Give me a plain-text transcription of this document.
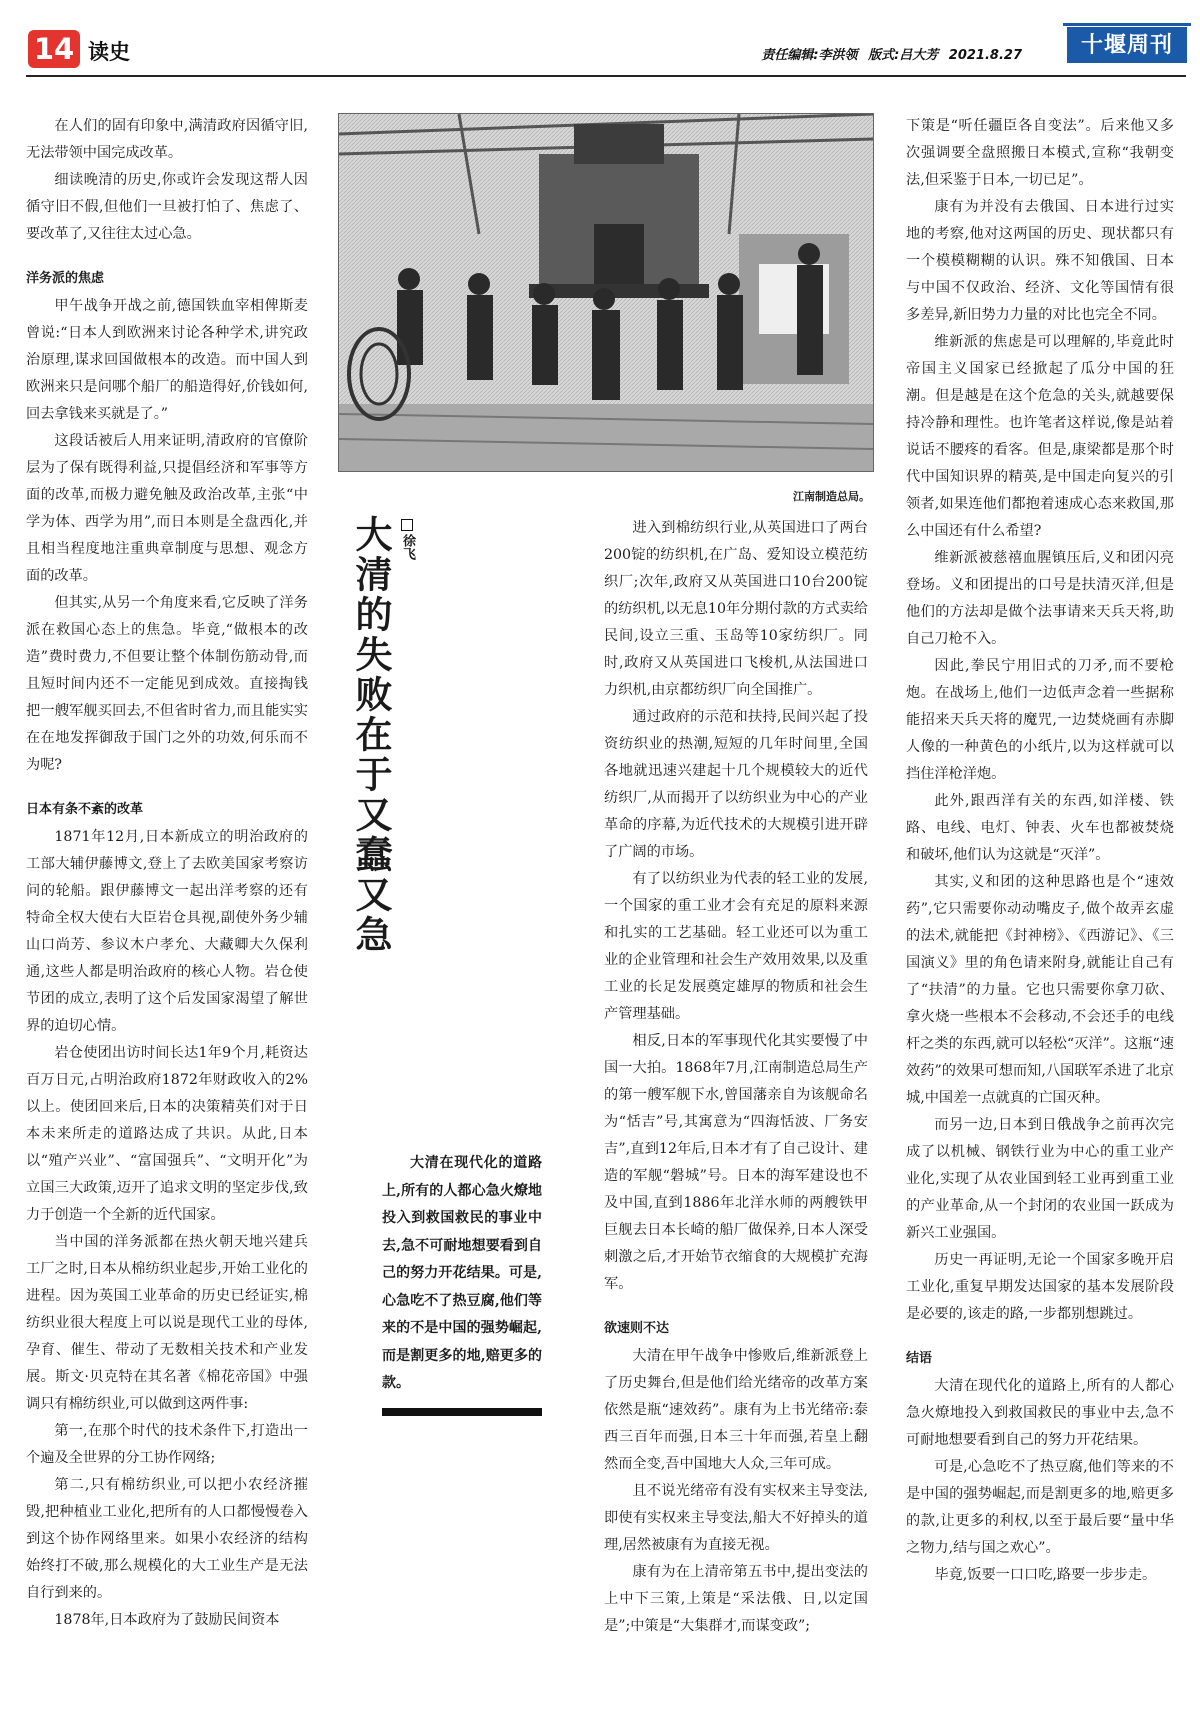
14 读史	责任编辑:李洪领 版式:吕大芳 2021.8.27	十堰周刊

在人们的固有印象中,满清政府因循守旧,无法带领中国完成改革。

细读晚清的历史,你或许会发现这帮人因循守旧不假,但他们一旦被打怕了、焦虑了、要改革了,又往往太过心急。

洋务派的焦虑

甲午战争开战之前,德国铁血宰相俾斯麦曾说:“日本人到欧洲来讨论各种学术,讲究政治原理,谋求回国做根本的改造。而中国人到欧洲来只是问哪个船厂的船造得好,价钱如何,回去拿钱来买就是了。”

这段话被后人用来证明,清政府的官僚阶层为了保有既得利益,只提倡经济和军事等方面的改革,而极力避免触及政治改革,主张“中学为体、西学为用”,而日本则是全盘西化,并且相当程度地注重典章制度与思想、观念方面的改革。

但其实,从另一个角度来看,它反映了洋务派在救国心态上的焦急。毕竟,“做根本的改造”费时费力,不但要让整个体制伤筋动骨,而且短时间内还不一定能见到成效。直接掏钱把一艘军舰买回去,不但省时省力,而且能实实在在地发挥御敌于国门之外的功效,何乐而不为呢?

日本有条不紊的改革

1871年12月,日本新成立的明治政府的工部大辅伊藤博文,登上了去欧美国家考察访问的轮船。跟伊藤博文一起出洋考察的还有特命全权大使右大臣岩仓具视,副使外务少辅山口尚芳、参议木户孝允、大藏卿大久保利通,这些人都是明治政府的核心人物。岩仓使节团的成立,表明了这个后发国家渴望了解世界的迫切心情。

岩仓使团出访时间长达1年9个月,耗资达百万日元,占明治政府1872年财政收入的2%以上。使团回来后,日本的决策精英们对于日本未来所走的道路达成了共识。从此,日本以“殖产兴业”、“富国强兵”、“文明开化”为立国三大政策,迈开了追求文明的坚定步伐,致力于创造一个全新的近代国家。

当中国的洋务派都在热火朝天地兴建兵工厂之时,日本从棉纺织业起步,开始工业化的进程。因为英国工业革命的历史已经证实,棉纺织业很大程度上可以说是现代工业的母体,孕育、催生、带动了无数相关技术和产业发展。斯文·贝克特在其名著《棉花帝国》中强调只有棉纺织业,可以做到这两件事:

第一,在那个时代的技术条件下,打造出一个遍及全世界的分工协作网络;

第二,只有棉纺织业,可以把小农经济摧毁,把种植业工业化,把所有的人口都慢慢卷入到这个协作网络里来。如果小农经济的结构始终打不破,那么规模化的大工业生产是无法自行到来的。

1878年,日本政府为了鼓励民间资本

江南制造总局。
大清的失败在于又蠢又急 徐飞

大清在现代化的道路上,所有的人都心急火燎地投入到救国救民的事业中去,急不可耐地想要看到自己的努力开花结果。可是,心急吃不了热豆腐,他们等来的不是中国的强势崛起,而是割更多的地,赔更多的款。

进入到棉纺织行业,从英国进口了两台200锭的纺织机,在广岛、爱知设立模范纺织厂;次年,政府又从英国进口10台200锭的纺织机,以无息10年分期付款的方式卖给民间,设立三重、玉岛等10家纺织厂。同时,政府又从英国进口飞梭机,从法国进口力织机,由京都纺织厂向全国推广。

通过政府的示范和扶持,民间兴起了投资纺织业的热潮,短短的几年时间里,全国各地就迅速兴建起十几个规模较大的近代纺织厂,从而揭开了以纺织业为中心的产业革命的序幕,为近代技术的大规模引进开辟了广阔的市场。

有了以纺织业为代表的轻工业的发展,一个国家的重工业才会有充足的原料来源和扎实的工艺基础。轻工业还可以为重工业的企业管理和社会生产效用效果,以及重工业的长足发展奠定雄厚的物质和社会生产管理基础。

相反,日本的军事现代化其实要慢了中国一大拍。1868年7月,江南制造总局生产的第一艘军舰下水,曾国藩亲自为该舰命名为“恬吉”号,其寓意为“四海恬波、厂务安吉”,直到12年后,日本才有了自己设计、建造的军舰“磐城”号。日本的海军建设也不及中国,直到1886年北洋水师的两艘铁甲巨舰去日本长崎的船厂做保养,日本人深受刺激之后,才开始节衣缩食的大规模扩充海军。

欲速则不达

大清在甲午战争中惨败后,维新派登上了历史舞台,但是他们给光绪帝的改革方案依然是瓶“速效药”。康有为上书光绪帝:泰西三百年而强,日本三十年而强,若皇上翻然而全变,吾中国地大人众,三年可成。

且不说光绪帝有没有实权来主导变法,即使有实权来主导变法,船大不好掉头的道理,居然被康有为直接无视。

康有为在上清帝第五书中,提出变法的上中下三策,上策是“采法俄、日,以定国是”;中策是“大集群才,而谋变政”;

下策是“听任疆臣各自变法”。后来他又多次强调要全盘照搬日本模式,宣称“我朝变法,但采鉴于日本,一切已足”。

康有为并没有去俄国、日本进行过实地的考察,他对这两国的历史、现状都只有一个模模糊糊的认识。殊不知俄国、日本与中国不仅政治、经济、文化等国情有很多差异,新旧势力力量的对比也完全不同。

维新派的焦虑是可以理解的,毕竟此时帝国主义国家已经掀起了瓜分中国的狂潮。但是越是在这个危急的关头,就越要保持冷静和理性。也许笔者这样说,像是站着说话不腰疼的看客。但是,康梁都是那个时代中国知识界的精英,是中国走向复兴的引领者,如果连他们都抱着速成心态来救国,那么中国还有什么希望?

维新派被慈禧血腥镇压后,义和团闪亮登场。义和团提出的口号是扶清灭洋,但是他们的方法却是做个法事请来天兵天将,助自己刀枪不入。

因此,拳民宁用旧式的刀矛,而不要枪炮。在战场上,他们一边低声念着一些据称能招来天兵天将的魔咒,一边焚烧画有赤脚人像的一种黄色的小纸片,以为这样就可以挡住洋枪洋炮。

此外,跟西洋有关的东西,如洋楼、铁路、电线、电灯、钟表、火车也都被焚烧和破坏,他们认为这就是“灭洋”。

其实,义和团的这种思路也是个“速效药”,它只需要你动动嘴皮子,做个故弄玄虚的法术,就能把《封神榜》、《西游记》、《三国演义》里的角色请来附身,就能让自己有了“扶清”的力量。它也只需要你拿刀砍、拿火烧一些根本不会移动,不会还手的电线杆之类的东西,就可以轻松“灭洋”。这瓶“速效药”的效果可想而知,八国联军杀进了北京城,中国差一点就真的亡国灭种。

而另一边,日本到日俄战争之前再次完成了以机械、钢铁行业为中心的重工业产业化,实现了从农业国到轻工业再到重工业的产业革命,从一个封闭的农业国一跃成为新兴工业强国。

历史一再证明,无论一个国家多晚开启工业化,重复早期发达国家的基本发展阶段是必要的,该走的路,一步都别想跳过。

结语

大清在现代化的道路上,所有的人都心急火燎地投入到救国救民的事业中去,急不可耐地想要看到自己的努力开花结果。

可是,心急吃不了热豆腐,他们等来的不是中国的强势崛起,而是割更多的地,赔更多的款,让更多的利权,以至于最后要“量中华之物力,结与国之欢心”。

毕竟,饭要一口口吃,路要一步步走。
